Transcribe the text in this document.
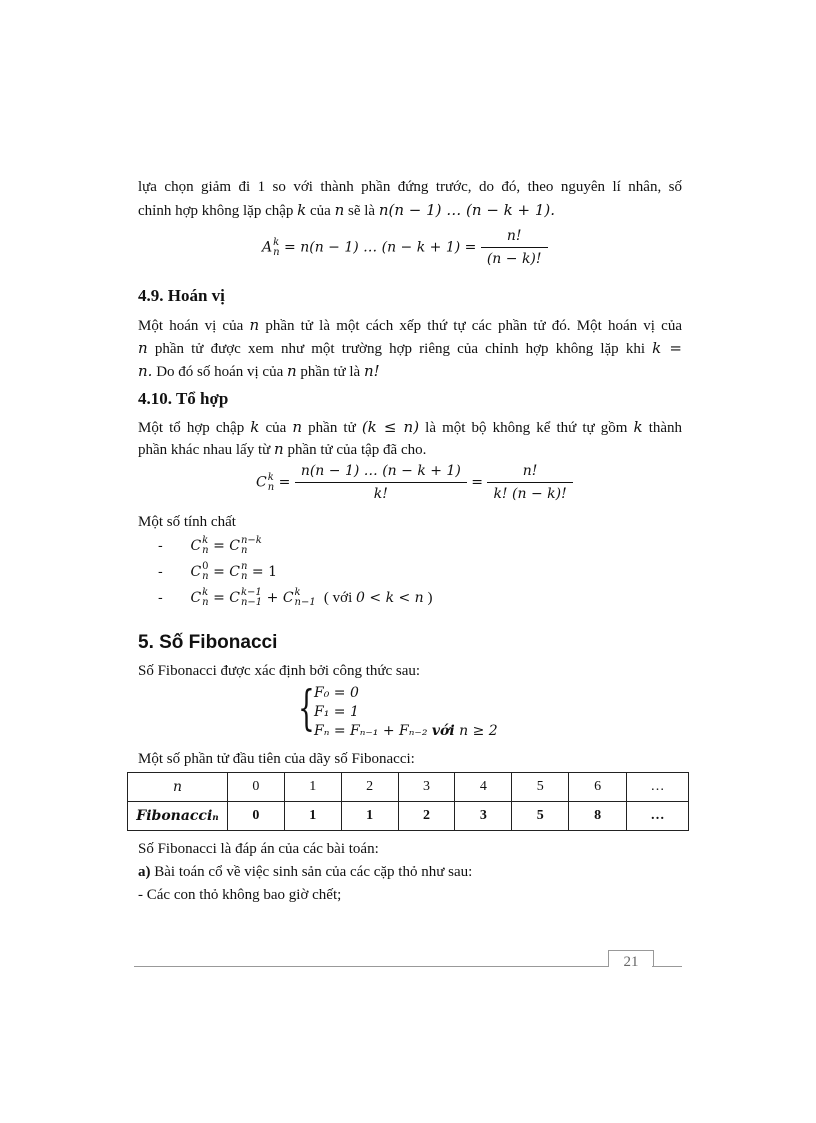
lựa chọn giảm đi 1 so với thành phần đứng trước, do đó, theo nguyên lí nhân, số
chỉnh hợp không lặp chập k của n sẽ là n(n − 1) … (n − k + 1).
A k
n = n(n − 1) … $(n - k + 1) = \frac{n!}{(n - k)!}$
4.9. Hoán vị
Một hoán vị của n phần tử là một cách xếp thứ tự các phần tử đó. Một hoán vị của
n phần tử được xem như một trường hợp riêng của chỉnh hợp không lặp khi k =
n. Do đó số hoán vị của n phần tử là n!
4.10. Tổ hợp
Một tổ hợp chập k của n phần tử (k ≤ n) là một bộ không kể thứ tự gồm k thành
phần khác nhau lấy từ n phần tử của tập đã cho.
C k
$n = \frac{n(n - 1) \dots (n - k + 1)}{k!} = \frac{n!}{k! (n - k)!}$
Một số tính chất
- C k
n = C n−k
n
- C 0
n = C n
n = 1
- C k
n = C k−1
n−1 + C k
n−1 ( với 0 < k < n )
5. Số Fibonacci
Số Fibonacci được xác định bởi công thức sau:
{ F₀ = 0
F₁ = 1
Fₙ = Fₙ₋₁ + Fₙ₋₂ với n ≥ 2
Một số phần tử đầu tiên của dãy số Fibonacci:
n	0	1	2	3	4	5	6	…
Fibonacciₙ	0	1	1	2	3	5	8	…
Số Fibonacci là đáp án của các bài toán:
a) Bài toán cổ về việc sinh sản của các cặp thỏ như sau:
- Các con thỏ không bao giờ chết;
21
